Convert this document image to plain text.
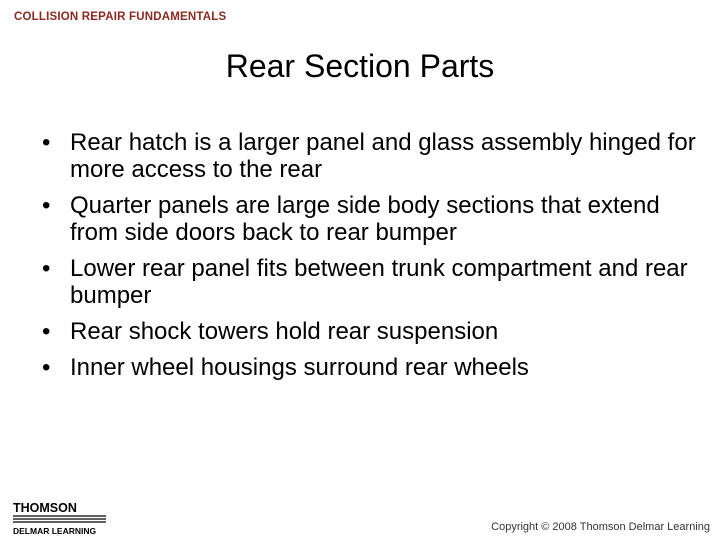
COLLISION REPAIR FUNDAMENTALS
Rear Section Parts
• Rear hatch is a larger panel and glass assembly hinged for more access to the rear
• Quarter panels are large side body sections that extend from side doors back to rear bumper
• Lower rear panel fits between trunk compartment and rear bumper
• Rear shock towers hold rear suspension
• Inner wheel housings surround rear wheels
THOMSON
DELMAR LEARNING	Copyright © 2008 Thomson Delmar Learning
